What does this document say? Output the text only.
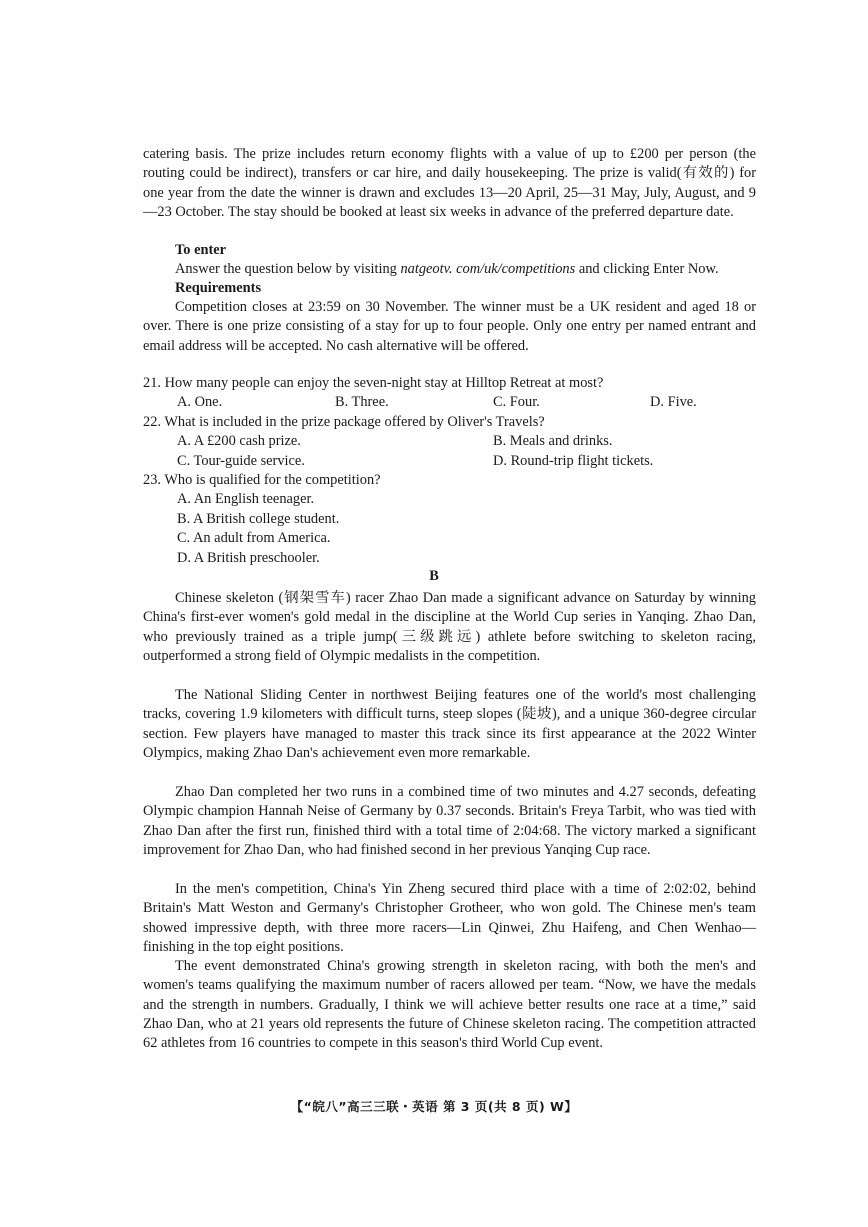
catering basis. The prize includes return economy flights with a value of up to £200 per person (the routing could be indirect), transfers or car hire, and daily housekeeping. The prize is valid(有效的) for one year from the date the winner is drawn and excludes 13—20 April, 25—31 May, July, August, and 9—23 October. The stay should be booked at least six weeks in advance of the preferred departure date.

To enter

Answer the question below by visiting natgeotv. com/uk/competitions and clicking Enter Now.

Requirements

Competition closes at 23:59 on 30 November. The winner must be a UK resident and aged 18 or over. There is one prize consisting of a stay for up to four people. Only one entry per named entrant and email address will be accepted. No cash alternative will be offered.

21. How many people can enjoy the seven-night stay at Hilltop Retreat at most?

A. One.	B. Three.	C. Four.	D. Five.

22. What is included in the prize package offered by Oliver's Travels?

A. A £200 cash prize.	B. Meals and drinks.
C. Tour-guide service.	D. Round-trip flight tickets.

23. Who is qualified for the competition?

A. An English teenager.
B. A British college student.
C. An adult from America.
D. A British preschooler.
B

Chinese skeleton (钢架雪车) racer Zhao Dan made a significant advance on Saturday by winning China's first-ever women's gold medal in the discipline at the World Cup series in Yanqing. Zhao Dan, who previously trained as a triple jump(三级跳远) athlete before switching to skeleton racing, outperformed a strong field of Olympic medalists in the competition.

The National Sliding Center in northwest Beijing features one of the world's most challenging tracks, covering 1.9 kilometers with difficult turns, steep slopes (陡坡), and a unique 360-degree circular section. Few players have managed to master this track since its first appearance at the 2022 Winter Olympics, making Zhao Dan's achievement even more remarkable.

Zhao Dan completed her two runs in a combined time of two minutes and 4.27 seconds, defeating Olympic champion Hannah Neise of Germany by 0.37 seconds. Britain's Freya Tarbit, who was tied with Zhao Dan after the first run, finished third with a total time of 2:04:68. The victory marked a significant improvement for Zhao Dan, who had finished second in her previous Yanqing Cup race.

In the men's competition, China's Yin Zheng secured third place with a time of 2:02:02, behind Britain's Matt Weston and Germany's Christopher Grotheer, who won gold. The Chinese men's team showed impressive depth, with three more racers—Lin Qinwei, Zhu Haifeng, and Chen Wenhao—finishing in the top eight positions.

The event demonstrated China's growing strength in skeleton racing, with both the men's and women's teams qualifying the maximum number of racers allowed per team. “Now, we have the medals and the strength in numbers. Gradually, I think we will achieve better results one race at a time,” said Zhao Dan, who at 21 years old represents the future of Chinese skeleton racing. The competition attracted 62 athletes from 16 countries to compete in this season's third World Cup event.

【“皖八”高三三联・英语 第 3 页(共 8 页) W】
